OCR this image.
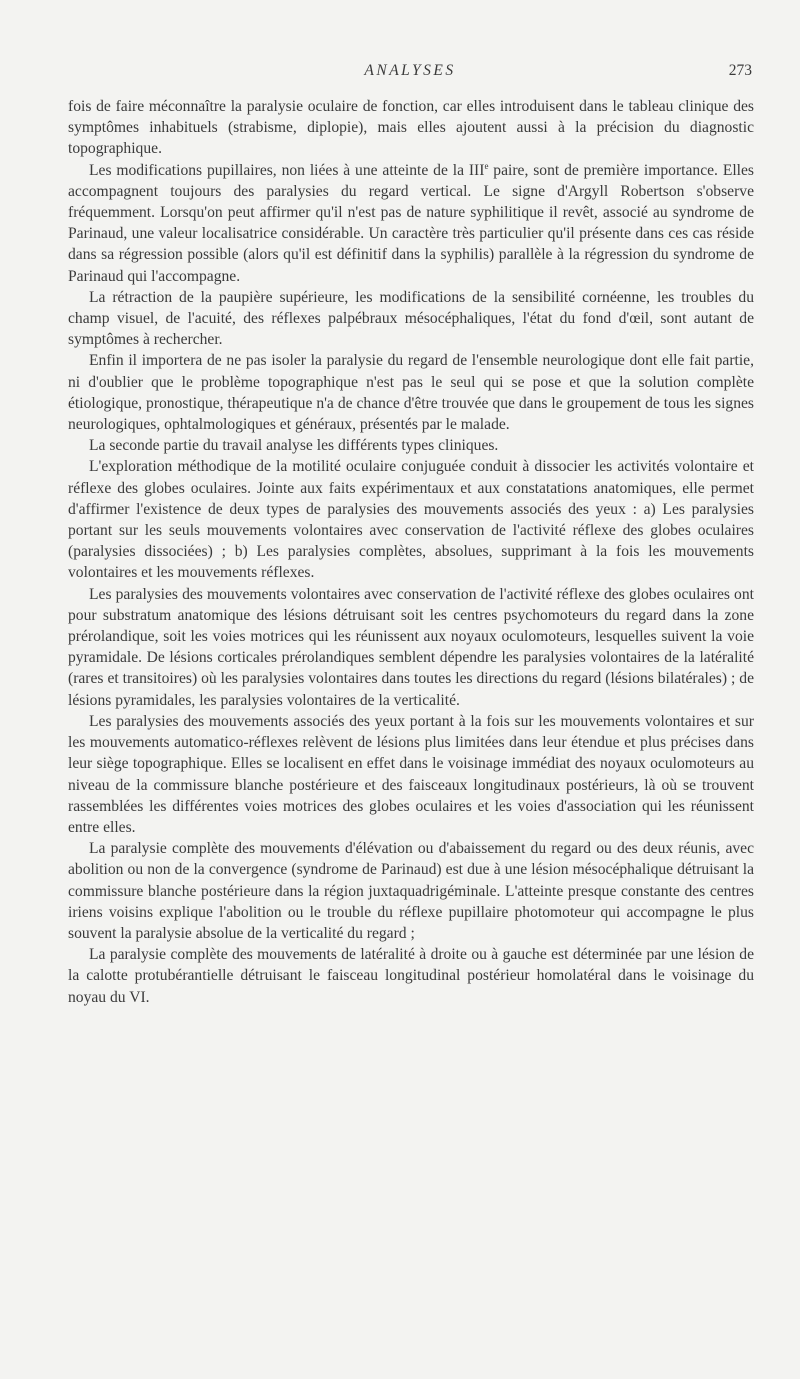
ANALYSES	273

fois de faire méconnaître la paralysie oculaire de fonction, car elles introduisent dans le tableau clinique des symptômes inhabituels (strabisme, diplopie), mais elles ajoutent aussi à la précision du diagnostic topographique.

Les modifications pupillaires, non liées à une atteinte de la IIIe paire, sont de première importance. Elles accompagnent toujours des paralysies du regard vertical. Le signe d'Argyll Robertson s'observe fréquemment. Lorsqu'on peut affirmer qu'il n'est pas de nature syphilitique il revêt, associé au syndrome de Parinaud, une valeur localisatrice considérable. Un caractère très particulier qu'il présente dans ces cas réside dans sa régression possible (alors qu'il est définitif dans la syphilis) parallèle à la régression du syndrome de Parinaud qui l'accompagne.

La rétraction de la paupière supérieure, les modifications de la sensibilité cornéenne, les troubles du champ visuel, de l'acuité, des réflexes palpébraux mésocéphaliques, l'état du fond d'œil, sont autant de symptômes à rechercher.

Enfin il importera de ne pas isoler la paralysie du regard de l'ensemble neurologique dont elle fait partie, ni d'oublier que le problème topographique n'est pas le seul qui se pose et que la solution complète étiologique, pronostique, thérapeutique n'a de chance d'être trouvée que dans le groupement de tous les signes neurologiques, ophtalmologiques et généraux, présentés par le malade.

La seconde partie du travail analyse les différents types cliniques.

L'exploration méthodique de la motilité oculaire conjuguée conduit à dissocier les activités volontaire et réflexe des globes oculaires. Jointe aux faits expérimentaux et aux constatations anatomiques, elle permet d'affirmer l'existence de deux types de paralysies des mouvements associés des yeux : a) Les paralysies portant sur les seuls mouvements volontaires avec conservation de l'activité réflexe des globes oculaires (paralysies dissociées) ; b) Les paralysies complètes, absolues, supprimant à la fois les mouvements volontaires et les mouvements réflexes.

Les paralysies des mouvements volontaires avec conservation de l'activité réflexe des globes oculaires ont pour substratum anatomique des lésions détruisant soit les centres psychomoteurs du regard dans la zone prérolandique, soit les voies motrices qui les réunissent aux noyaux oculomoteurs, lesquelles suivent la voie pyramidale. De lésions corticales prérolandiques semblent dépendre les paralysies volontaires de la latéralité (rares et transitoires) où les paralysies volontaires dans toutes les directions du regard (lésions bilatérales) ; de lésions pyramidales, les paralysies volontaires de la verticalité.

Les paralysies des mouvements associés des yeux portant à la fois sur les mouvements volontaires et sur les mouvements automatico-réflexes relèvent de lésions plus limitées dans leur étendue et plus précises dans leur siège topographique. Elles se localisent en effet dans le voisinage immédiat des noyaux oculomoteurs au niveau de la commissure blanche postérieure et des faisceaux longitudinaux postérieurs, là où se trouvent rassemblées les différentes voies motrices des globes oculaires et les voies d'association qui les réunissent entre elles.

La paralysie complète des mouvements d'élévation ou d'abaissement du regard ou des deux réunis, avec abolition ou non de la convergence (syndrome de Parinaud) est due à une lésion mésocéphalique détruisant la commissure blanche postérieure dans la région juxtaquadrigéminale. L'atteinte presque constante des centres iriens voisins explique l'abolition ou le trouble du réflexe pupillaire photomoteur qui accompagne le plus souvent la paralysie absolue de la verticalité du regard ;

La paralysie complète des mouvements de latéralité à droite ou à gauche est déterminée par une lésion de la calotte protubérantielle détruisant le faisceau longitudinal postérieur homolatéral dans le voisinage du noyau du VI.
